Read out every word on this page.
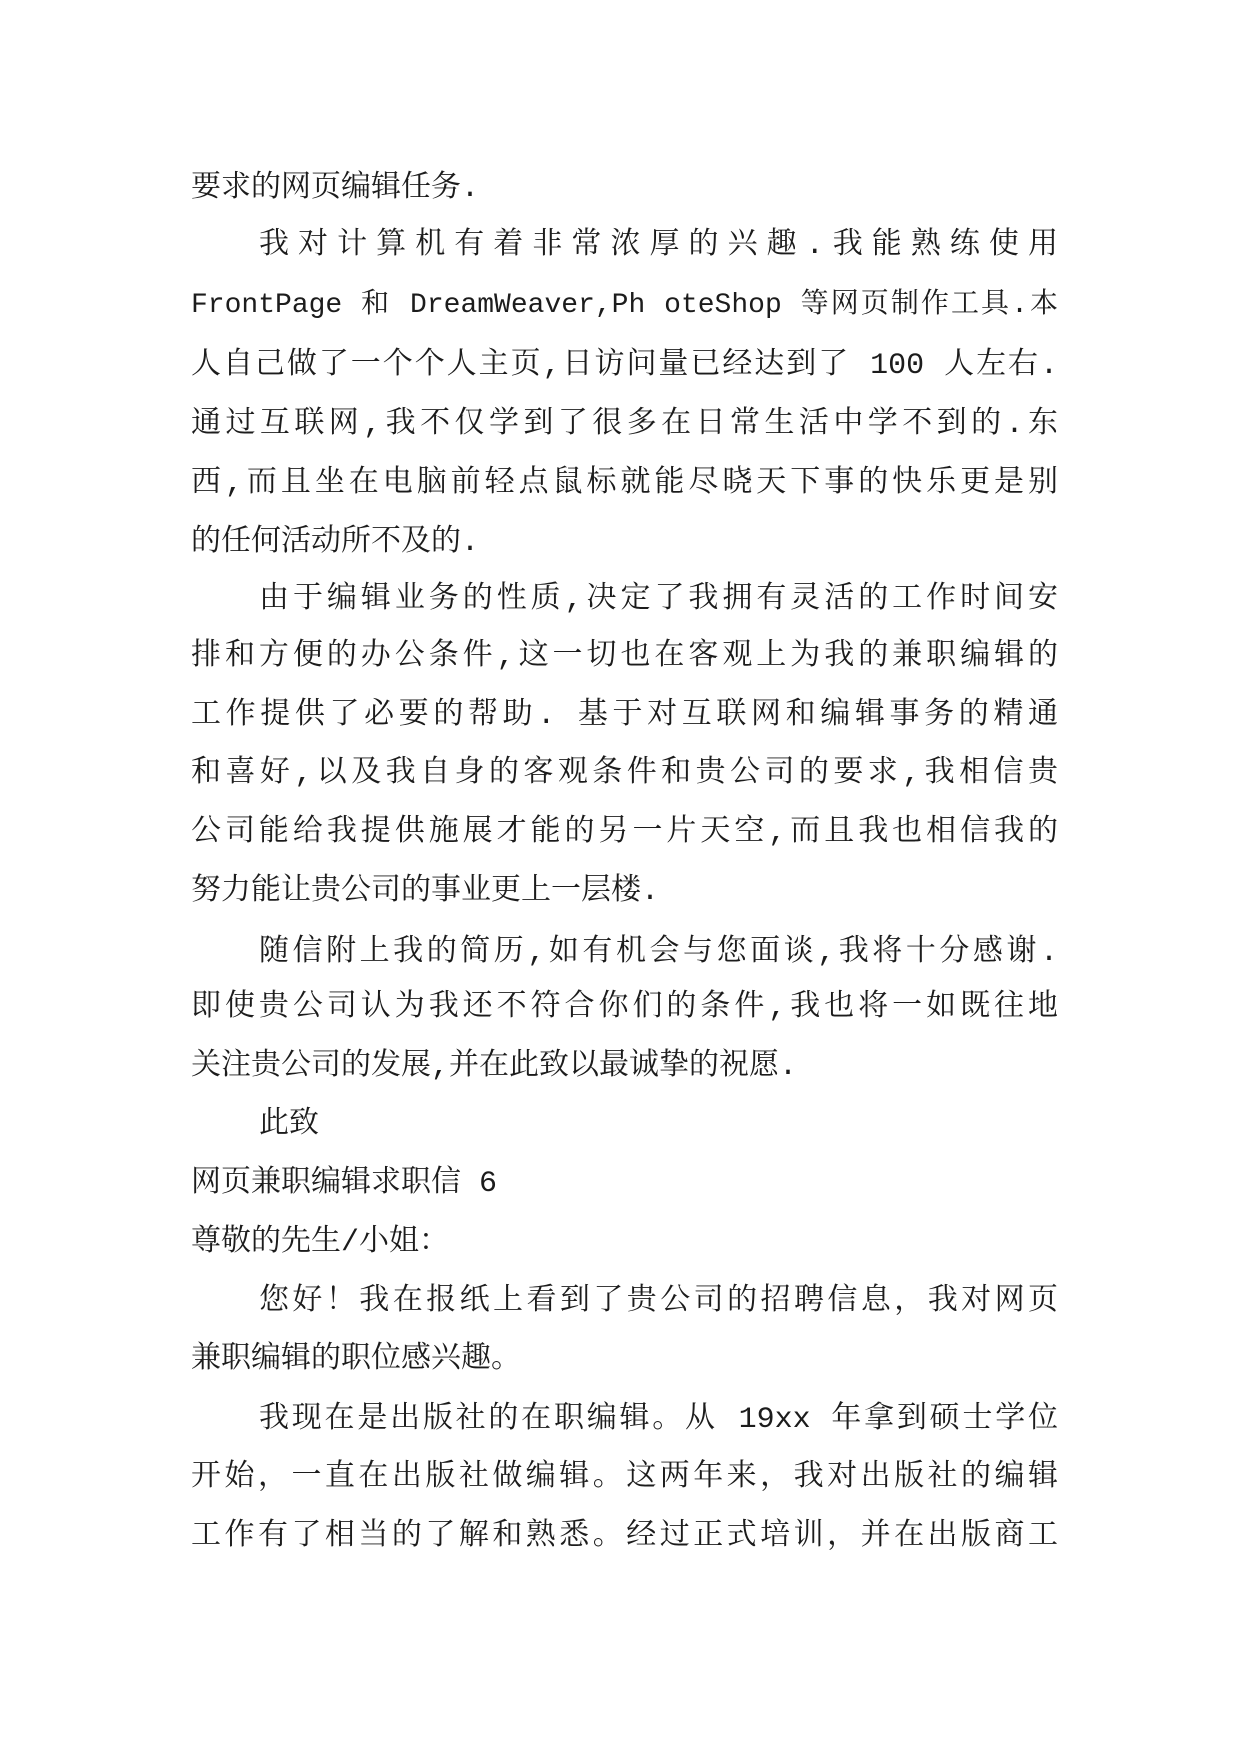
要求的网页编辑任务.
我对计算机有着非常浓厚的兴趣.我能熟练使用
FrontPage 和 DreamWeaver,Ph oteShop 等网页制作工具.本
人自己做了一个个人主页,日访问量已经达到了 100 人左右.
通过互联网,我不仅学到了很多在日常生活中学不到的.东
西,而且坐在电脑前轻点鼠标就能尽晓天下事的快乐更是别
的任何活动所不及的.
由于编辑业务的性质,决定了我拥有灵活的工作时间安
排和方便的办公条件,这一切也在客观上为我的兼职编辑的
工作提供了必要的帮助. 基于对互联网和编辑事务的精通
和喜好,以及我自身的客观条件和贵公司的要求,我相信贵
公司能给我提供施展才能的另一片天空,而且我也相信我的
努力能让贵公司的事业更上一层楼.
随信附上我的简历,如有机会与您面谈,我将十分感谢.
即使贵公司认为我还不符合你们的条件,我也将一如既往地
关注贵公司的发展,并在此致以最诚挚的祝愿.
此致
网页兼职编辑求职信 6
尊敬的先生/小姐：
您好！我在报纸上看到了贵公司的招聘信息，我对网页
兼职编辑的职位感兴趣。
我现在是出版社的在职编辑。从 19xx 年拿到硕士学位
开始，一直在出版社做编辑。这两年来，我对出版社的编辑
工作有了相当的了解和熟悉。经过正式培训，并在出版商工
